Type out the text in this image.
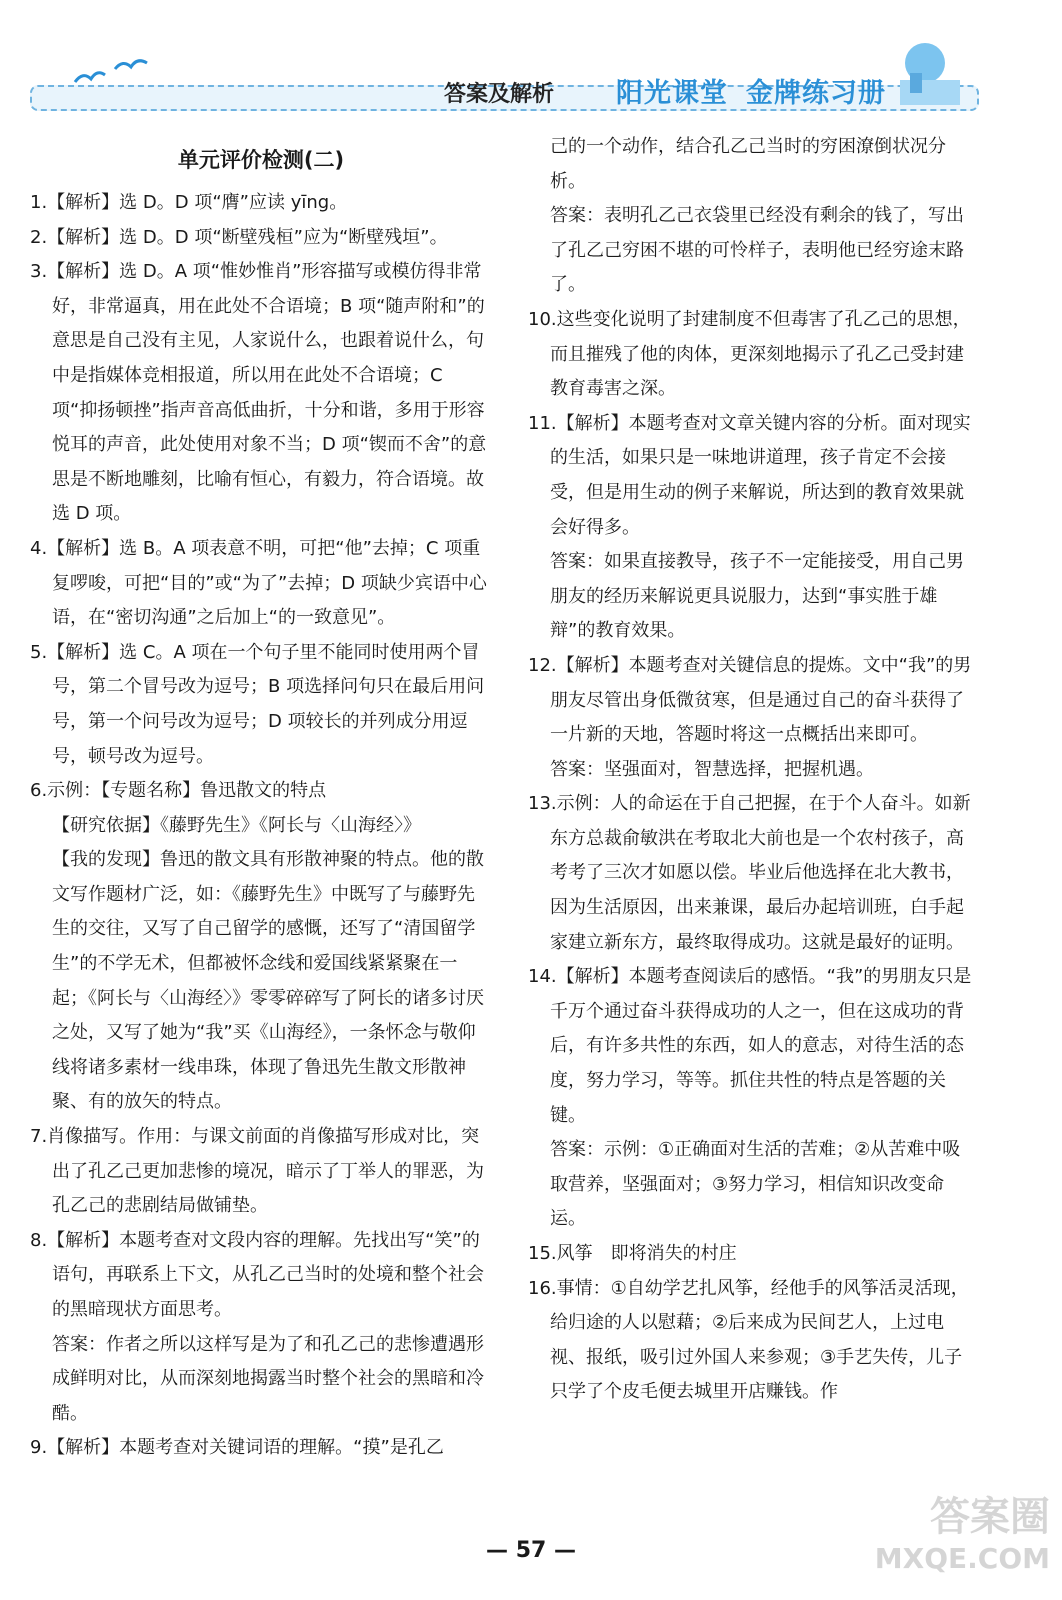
答案及解析 阳光课堂 金牌练习册
单元评价检测(二)

1.【解析】选 D。D 项“膺”应读 yīng。

2.【解析】选 D。D 项“断壁残桓”应为“断壁残垣”。

3.【解析】选 D。A 项“惟妙惟肖”形容描写或模仿得非常好，非常逼真，用在此处不合语境；B 项“随声附和”的意思是自己没有主见，人家说什么，也跟着说什么，句中是指媒体竞相报道，所以用在此处不合语境；C 项“抑扬顿挫”指声音高低曲折，十分和谐，多用于形容悦耳的声音，此处使用对象不当；D 项“锲而不舍”的意思是不断地雕刻，比喻有恒心，有毅力，符合语境。故选 D 项。

4.【解析】选 B。A 项表意不明，可把“他”去掉；C 项重复啰唆，可把“目的”或“为了”去掉；D 项缺少宾语中心语，在“密切沟通”之后加上“的一致意见”。

5.【解析】选 C。A 项在一个句子里不能同时使用两个冒号，第二个冒号改为逗号；B 项选择问句只在最后用问号，第一个问号改为逗号；D 项较长的并列成分用逗号，顿号改为逗号。

6.示例：【专题名称】鲁迅散文的特点

【研究依据】《藤野先生》《阿长与〈山海经〉》

【我的发现】鲁迅的散文具有形散神聚的特点。他的散文写作题材广泛，如：《藤野先生》中既写了与藤野先生的交往，又写了自己留学的感慨，还写了“清国留学生”的不学无术，但都被怀念线和爱国线紧紧聚在一起；《阿长与〈山海经〉》零零碎碎写了阿长的诸多讨厌之处，又写了她为“我”买《山海经》，一条怀念与敬仰线将诸多素材一线串珠，体现了鲁迅先生散文形散神聚、有的放矢的特点。

7.肖像描写。作用：与课文前面的肖像描写形成对比，突出了孔乙己更加悲惨的境况，暗示了丁举人的罪恶，为孔乙己的悲剧结局做铺垫。

8.【解析】本题考查对文段内容的理解。先找出写“笑”的语句，再联系上下文，从孔乙己当时的处境和整个社会的黑暗现状方面思考。

答案：作者之所以这样写是为了和孔乙己的悲惨遭遇形成鲜明对比，从而深刻地揭露当时整个社会的黑暗和冷酷。

9.【解析】本题考查对关键词语的理解。“摸”是孔乙

己的一个动作，结合孔乙己当时的穷困潦倒状况分析。

答案：表明孔乙己衣袋里已经没有剩余的钱了，写出了孔乙己穷困不堪的可怜样子，表明他已经穷途末路了。

10.这些变化说明了封建制度不但毒害了孔乙己的思想，而且摧残了他的肉体，更深刻地揭示了孔乙己受封建教育毒害之深。

11.【解析】本题考查对文章关键内容的分析。面对现实的生活，如果只是一味地讲道理，孩子肯定不会接受，但是用生动的例子来解说，所达到的教育效果就会好得多。

答案：如果直接教导，孩子不一定能接受，用自己男朋友的经历来解说更具说服力，达到“事实胜于雄辩”的教育效果。

12.【解析】本题考查对关键信息的提炼。文中“我”的男朋友尽管出身低微贫寒，但是通过自己的奋斗获得了一片新的天地，答题时将这一点概括出来即可。

答案：坚强面对，智慧选择，把握机遇。

13.示例：人的命运在于自己把握，在于个人奋斗。如新东方总裁俞敏洪在考取北大前也是一个农村孩子，高考考了三次才如愿以偿。毕业后他选择在北大教书，因为生活原因，出来兼课，最后办起培训班，白手起家建立新东方，最终取得成功。这就是最好的证明。

14.【解析】本题考查阅读后的感悟。“我”的男朋友只是千万个通过奋斗获得成功的人之一，但在这成功的背后，有许多共性的东西，如人的意志，对待生活的态度，努力学习，等等。抓住共性的特点是答题的关键。

答案：示例：①正确面对生活的苦难；②从苦难中吸取营养，坚强面对；③努力学习，相信知识改变命运。

15.风筝　即将消失的村庄

16.事情：①自幼学艺扎风筝，经他手的风筝活灵活现，给归途的人以慰藉；②后来成为民间艺人，上过电视、报纸，吸引过外国人来参观；③手艺失传，儿子只学了个皮毛便去城里开店赚钱。作

— 57 —
答案圈
MXQE.COM
